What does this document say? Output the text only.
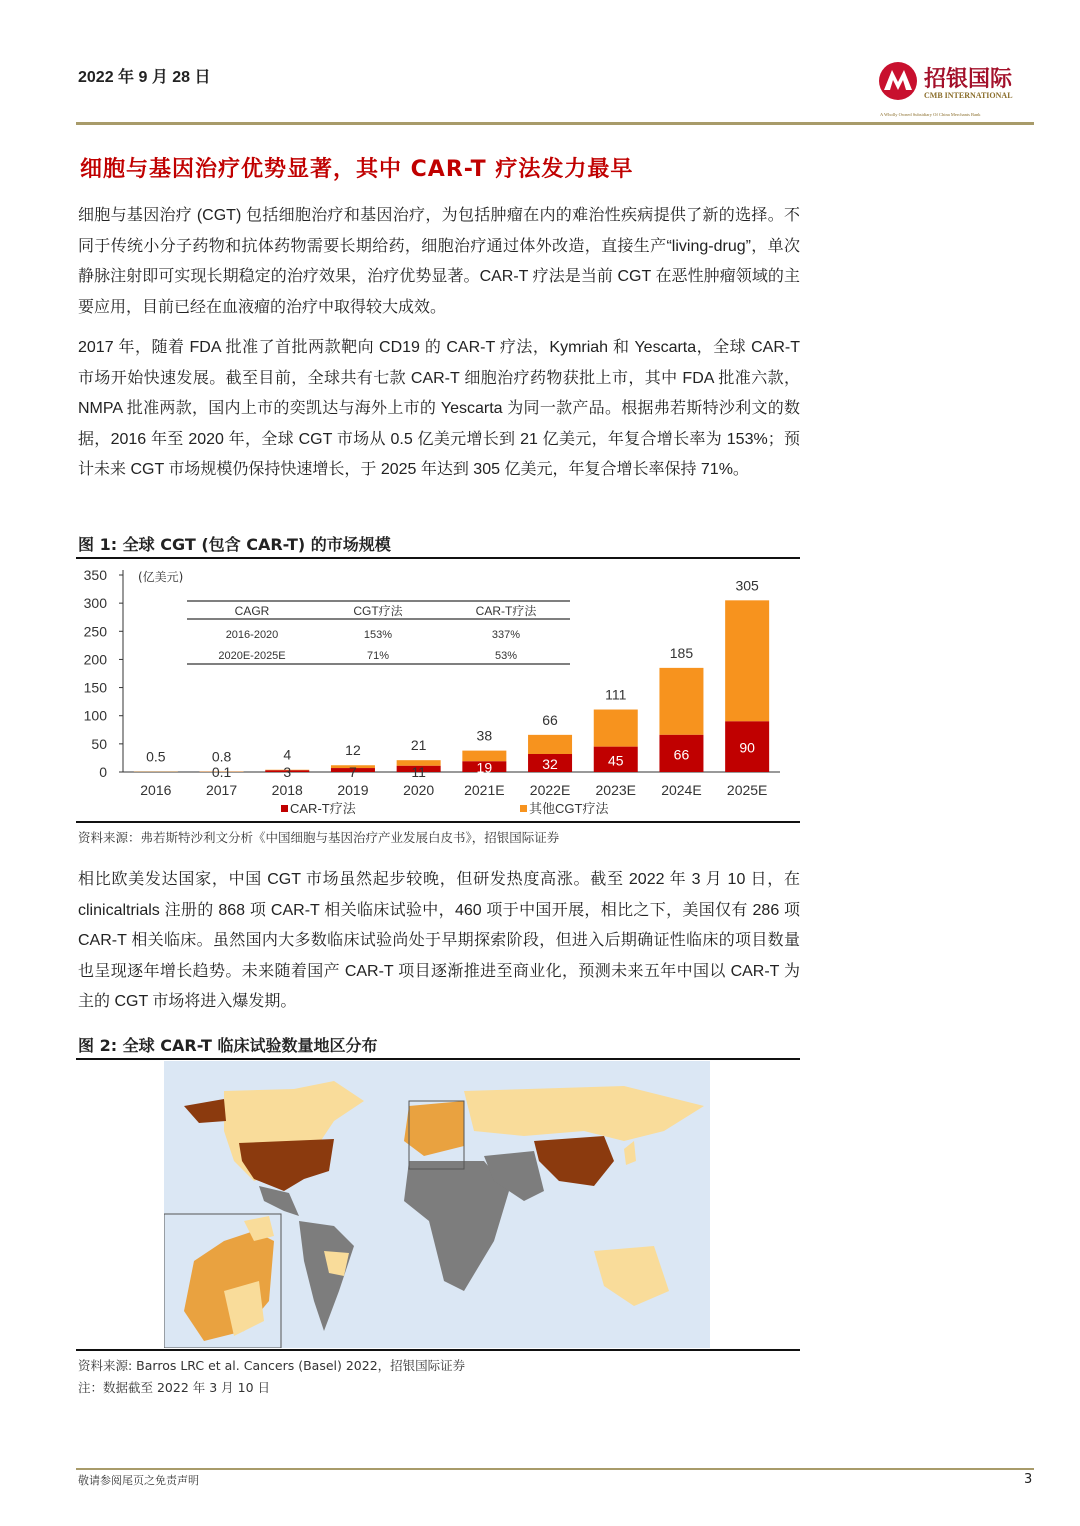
2022 年 9 月 28 日	招银国际
CMB INTERNATIONAL
A Wholly Owned Subsidiary Of China Merchants Bank
细胞与基因治疗优势显著，其中 CAR-T 疗法发力最早
细胞与基因治疗 (CGT) 包括细胞治疗和基因治疗，为包括肿瘤在内的难治性疾病提供了新的选择。不同于传统小分子药物和抗体药物需要长期给药，细胞治疗通过体外改造，直接生产“living-drug”，单次静脉注射即可实现长期稳定的治疗效果，治疗优势显著。CAR-T 疗法是当前 CGT 在恶性肿瘤领域的主要应用，目前已经在血液瘤的治疗中取得较大成效。
2017 年，随着 FDA 批准了首批两款靶向 CD19 的 CAR-T 疗法，Kymriah 和 Yescarta，全球 CAR-T 市场开始快速发展。截至目前，全球共有七款 CAR-T 细胞治疗药物获批上市，其中 FDA 批准六款，NMPA 批准两款，国内上市的奕凯达与海外上市的 Yescarta 为同一款产品。根据弗若斯特沙利文的数据，2016 年至 2020 年，全球 CGT 市场从 0.5 亿美元增长到 21 亿美元，年复合增长率为 153%；预计未来 CGT 市场规模仍保持快速增长，于 2025 年达到 305 亿美元，年复合增长率保持 71%。
图 1: 全球 CGT (包含 CAR-T) 的市场规模
0
50
100
150
200
250
300
350	(亿美元)
0.5
2016
0.8
0.1
2017
4
3
2018
12
7
2019
21
11
2020
38
19
2021E
66
32
2022E
111
45
2023E
185
66
2024E
305
90
2025E
CAR-T疗法	其他CGT疗法
CAGR	CGT疗法	CAR-T疗法
2016-2020	153%	337%
2020E-2025E	71%	53%
资料来源：弗若斯特沙利文分析《中国细胞与基因治疗产业发展白皮书》，招银国际证券
相比欧美发达国家，中国 CGT 市场虽然起步较晚，但研发热度高涨。截至 2022 年 3 月 10 日，在 clinicaltrials 注册的 868 项 CAR-T 相关临床试验中，460 项于中国开展，相比之下，美国仅有 286 项 CAR-T 相关临床。虽然国内大多数临床试验尚处于早期探索阶段，但进入后期确证性临床的项目数量也呈现逐年增长趋势。未来随着国产 CAR-T 项目逐渐推进至商业化，预测未来五年中国以 CAR-T 为主的 CGT 市场将进入爆发期。
图 2: 全球 CAR-T 临床试验数量地区分布
资料来源: Barros LRC et al. Cancers (Basel) 2022，招银国际证券
注：数据截至 2022 年 3 月 10 日
敬请参阅尾页之免责声明	3
